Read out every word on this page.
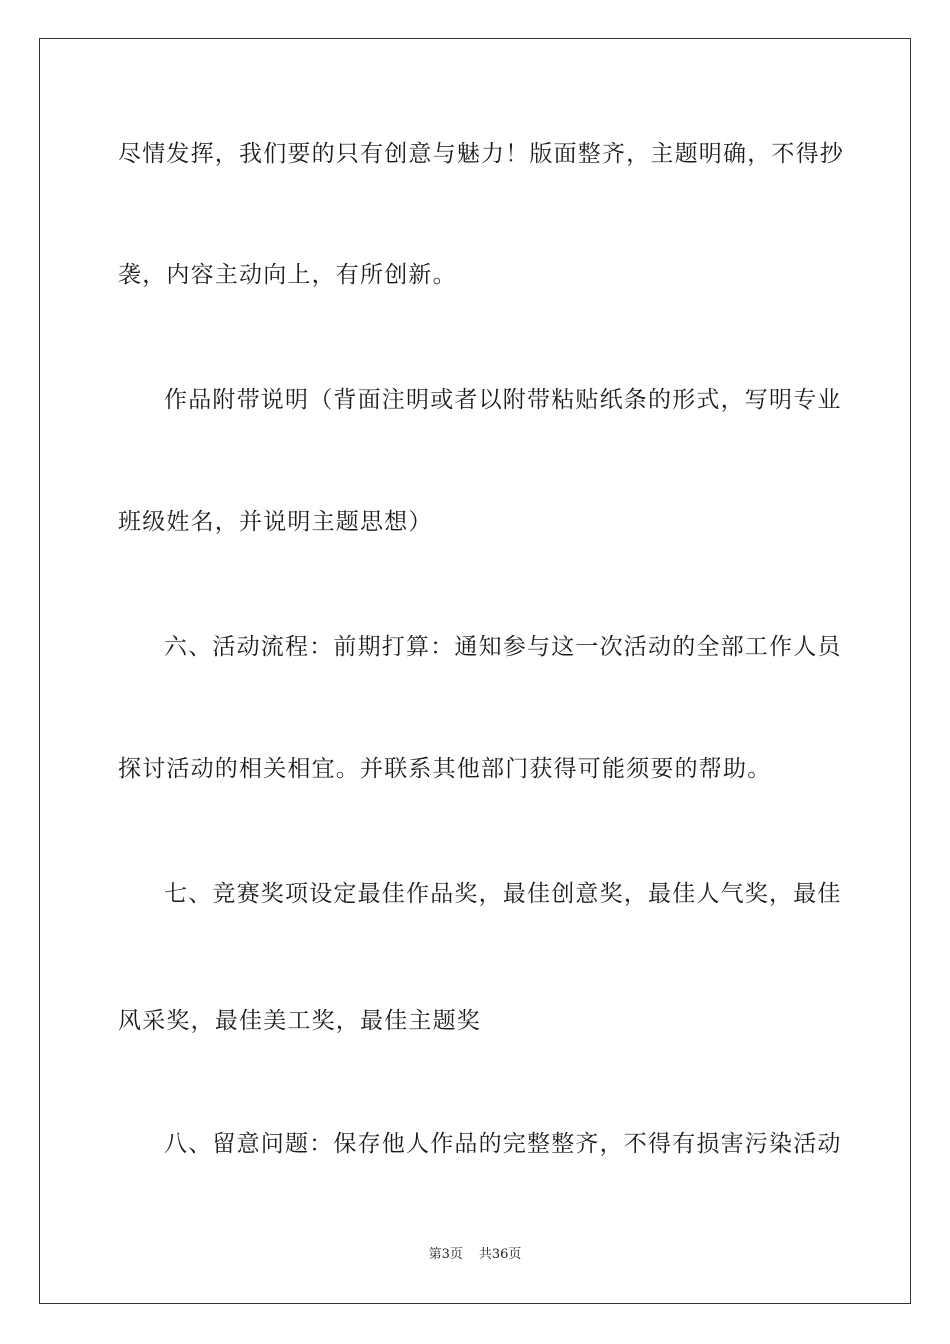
尽情发挥，我们要的只有创意与魅力！版面整齐，主题明确，不得抄
袭，内容主动向上，有所创新。
作品附带说明（背面注明或者以附带粘贴纸条的形式，写明专业
班级姓名，并说明主题思想）
六、活动流程：前期打算：通知参与这一次活动的全部工作人员
探讨活动的相关相宜。并联系其他部门获得可能须要的帮助。
七、竞赛奖项设定最佳作品奖，最佳创意奖，最佳人气奖，最佳
风采奖，最佳美工奖，最佳主题奖
八、留意问题：保存他人作品的完整整齐，不得有损害污染活动
第3页 共36页
